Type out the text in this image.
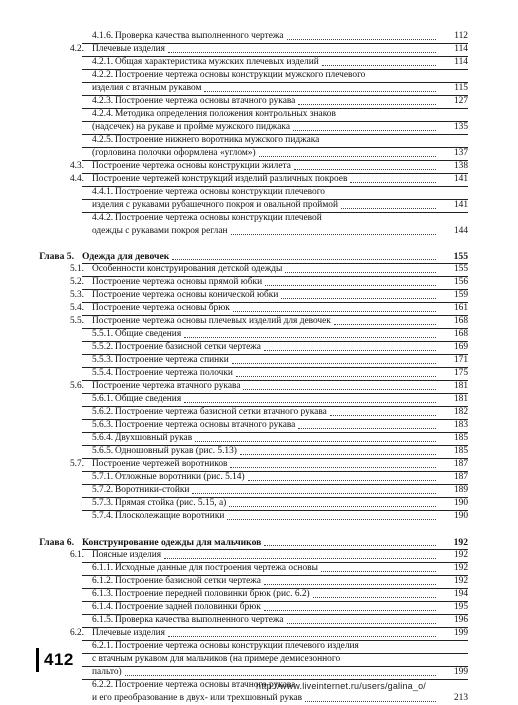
4.1.6. Проверка качества выполненного чертежа	112
4.2. Плечевые изделия	114
4.2.1. Общая характеристика мужских плечевых изделий	114
4.2.2. Построение чертежа основы конструкции мужского плечевого
изделия с втачным рукавом	115
4.2.3. Построение чертежа основы втачного рукава	127
4.2.4. Методика определения положения контрольных знаков
(надсечек) на рукаве и пройме мужского пиджака	135
4.2.5. Построение нижнего воротника мужского пиджака
(горловина полочки оформлена «углом»)	137
4.3. Построение чертежа основы конструкции жилета	138
4.4. Построение чертежей конструкций изделий различных покроев	141
4.4.1. Построение чертежа основы конструкции плечевого
изделия с рукавами рубашечного покроя и овальной проймой	141
4.4.2. Построение чертежа основы конструкции плечевой
одежды с рукавами покроя реглан	144
Глава 5. Одежда для девочек	155
5.1. Особенности конструирования детской одежды	155
5.2. Построение чертежа основы прямой юбки	156
5.3. Построение чертежа основы конической юбки	159
5.4. Построение чертежа основы брюк	161
5.5. Построение чертежа основы плечевых изделий для девочек	168
5.5.1. Общие сведения	168
5.5.2. Построение базисной сетки чертежа	169
5.5.3. Построение чертежа спинки	171
5.5.4. Построение чертежа полочки	175
5.6. Построение чертежа втачного рукава	181
5.6.1. Общие сведения	181
5.6.2. Построение чертежа базисной сетки втачного рукава	182
5.6.3. Построение чертежа основы втачного рукава	183
5.6.4. Двухшовный рукав	185
5.6.5. Одношовный рукав (рис. 5.13)	185
5.7. Построение чертежей воротников	187
5.7.1. Отложные воротники (рис. 5.14)	187
5.7.2. Воротники-стойки	189
5.7.3. Прямая стойка (рис. 5.15, а)	190
5.7.4. Плосколежащие воротники	190
Глава 6. Конструирование одежды для мальчиков	192
6.1. Поясные изделия	192
6.1.1. Исходные данные для построения чертежа основы	192
6.1.2. Построение базисной сетки чертежа	192
6.1.3. Построение передней половинки брюк (рис. 6.2)	194
6.1.4. Построение задней половинки брюк	195
6.1.5. Проверка качества выполненного чертежа	196
6.2. Плечевые изделия	199
6.2.1. Построение чертежа основы конструкции плечевого изделия
с втачным рукавом для мальчиков (на примере демисезонного
пальто)	199
6.2.2. Построение чертежа основы втачного рукава
и его преобразование в двух- или трехшовный рукав	213
412
http://www.liveinternet.ru/users/galina_o/
